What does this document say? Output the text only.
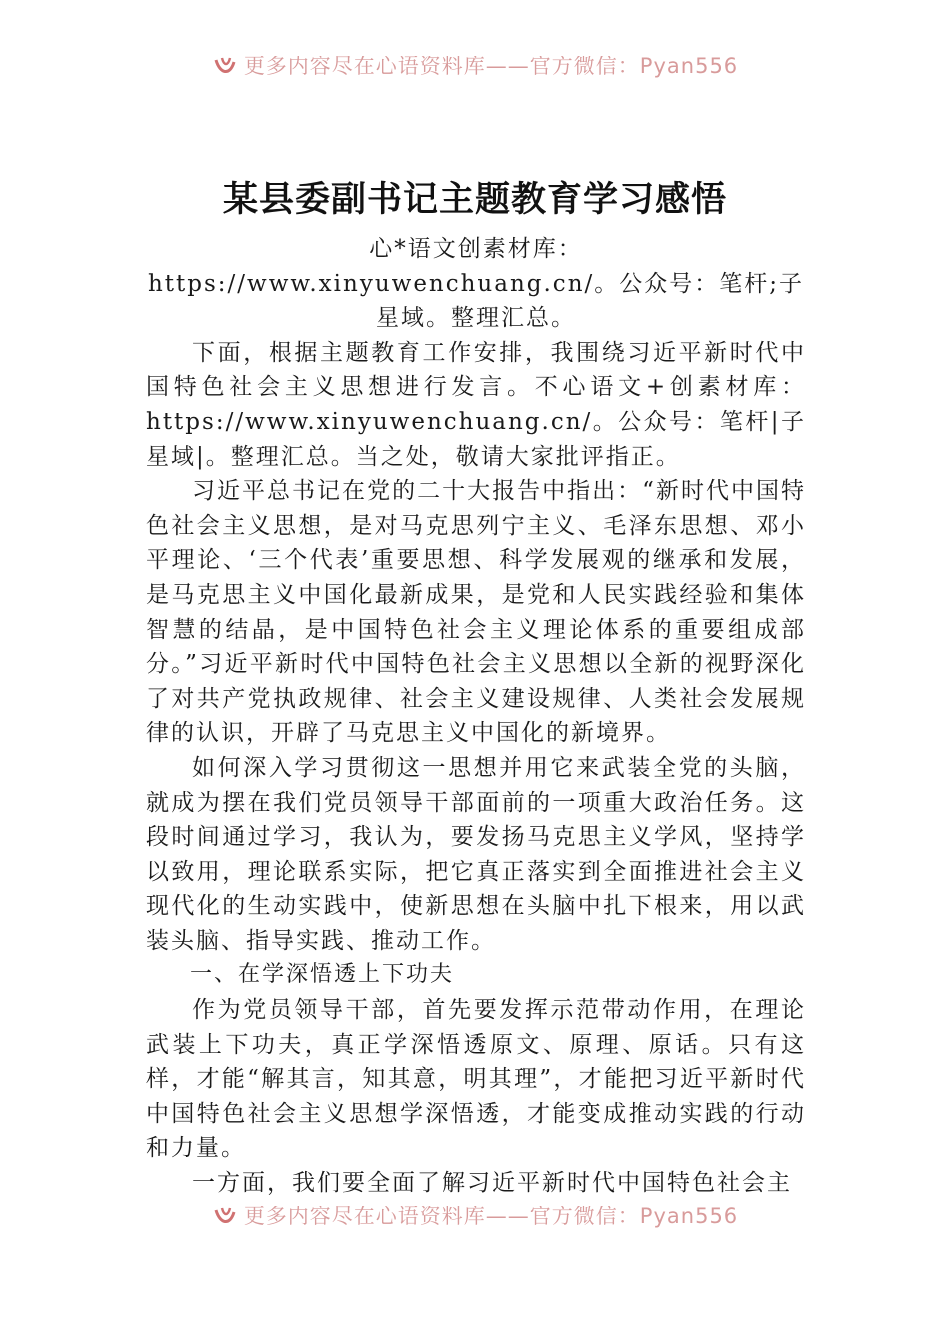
更多内容尽在心语资料库——官方微信：Pyan556
某县委副书记主题教育学习感悟

心*语文创素材库：https://www.xinyuwenchuang.cn/。公众号：笔杆;子星域。整理汇总。

下面，根据主题教育工作安排，我围绕习近平新时代中国特色社会主义思想进行发言。不心语文+创素材库：https://www.xinyuwenchuang.cn/。公众号：笔杆|子星域|。整理汇总。当之处，敬请大家批评指正。

习近平总书记在党的二十大报告中指出：“新时代中国特色社会主义思想，是对马克思列宁主义、毛泽东思想、邓小平理论、‘三个代表’重要思想、科学发展观的继承和发展，是马克思主义中国化最新成果，是党和人民实践经验和集体智慧的结晶，是中国特色社会主义理论体系的重要组成部分。”习近平新时代中国特色社会主义思想以全新的视野深化了对共产党执政规律、社会主义建设规律、人类社会发展规律的认识，开辟了马克思主义中国化的新境界。

如何深入学习贯彻这一思想并用它来武装全党的头脑，就成为摆在我们党员领导干部面前的一项重大政治任务。这段时间通过学习，我认为，要发扬马克思主义学风，坚持学以致用，理论联系实际，把它真正落实到全面推进社会主义现代化的生动实践中，使新思想在头脑中扎下根来，用以武装头脑、指导实践、推动工作。

一、在学深悟透上下功夫

作为党员领导干部，首先要发挥示范带动作用，在理论武装上下功夫，真正学深悟透原文、原理、原话。只有这样，才能“解其言，知其意，明其理”，才能把习近平新时代中国特色社会主义思想学深悟透，才能变成推动实践的行动和力量。

一方面，我们要全面了解习近平新时代中国特色社会主

更多内容尽在心语资料库——官方微信：Pyan556
